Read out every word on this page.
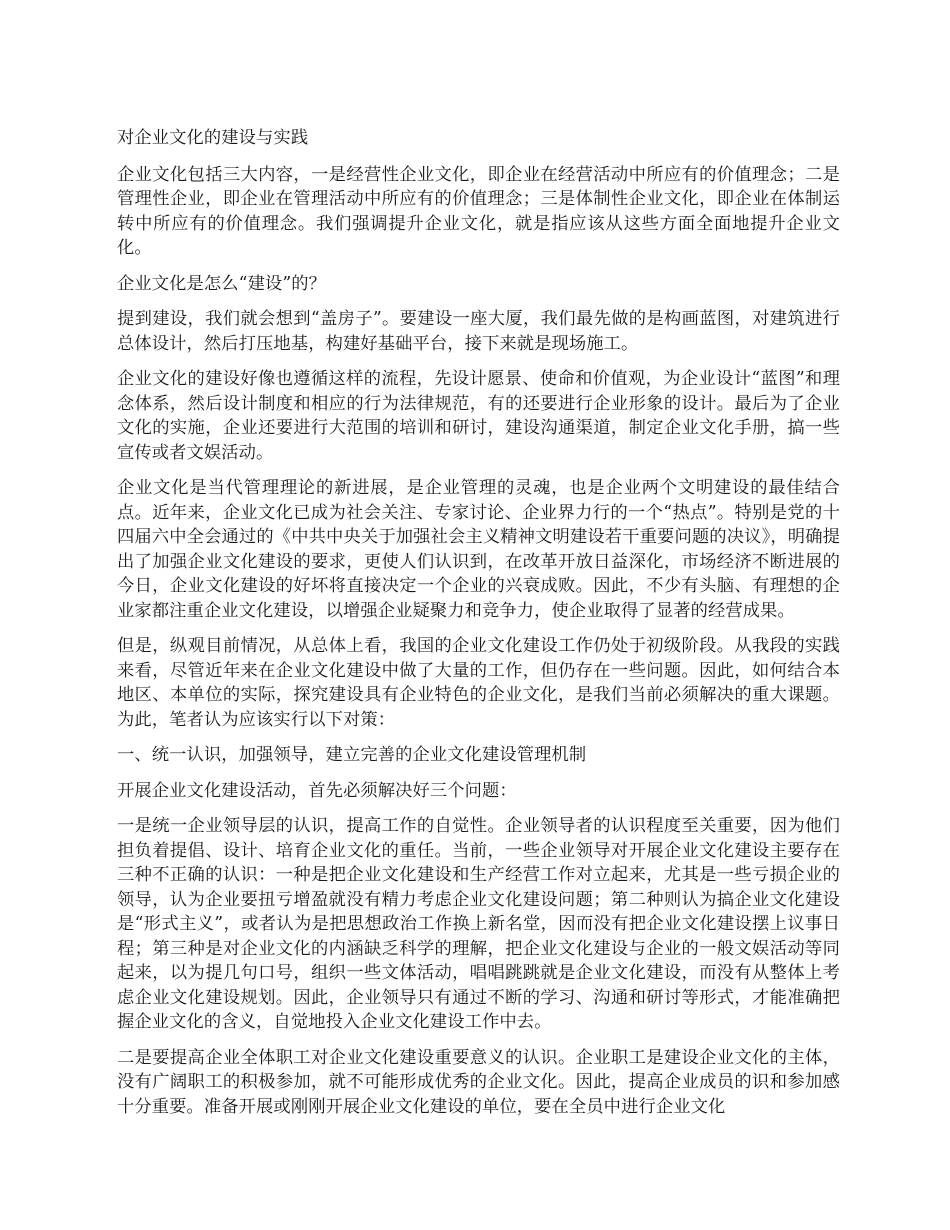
对企业文化的建设与实践
企业文化包括三大内容，一是经营性企业文化，即企业在经营活动中所应有的价值理念；二是管理性企业，即企业在管理活动中所应有的价值理念；三是体制性企业文化，即企业在体制运转中所应有的价值理念。我们强调提升企业文化，就是指应该从这些方面全面地提升企业文化。
企业文化是怎么“建设”的？
提到建设，我们就会想到“盖房子”。要建设一座大厦，我们最先做的是构画蓝图，对建筑进行总体设计，然后打压地基，构建好基础平台，接下来就是现场施工。
企业文化的建设好像也遵循这样的流程，先设计愿景、使命和价值观，为企业设计“蓝图”和理念体系，然后设计制度和相应的行为法律规范，有的还要进行企业形象的设计。最后为了企业文化的实施，企业还要进行大范围的培训和研讨，建设沟通渠道，制定企业文化手册，搞一些宣传或者文娱活动。
企业文化是当代管理理论的新进展，是企业管理的灵魂，也是企业两个文明建设的最佳结合点。近年来，企业文化已成为社会关注、专家讨论、企业界力行的一个“热点”。特别是党的十四届六中全会通过的《中共中央关于加强社会主义精神文明建设若干重要问题的决议》，明确提出了加强企业文化建设的要求，更使人们认识到，在改革开放日益深化，市场经济不断进展的今日，企业文化建设的好坏将直接决定一个企业的兴衰成败。因此，不少有头脑、有理想的企业家都注重企业文化建设，以增强企业疑聚力和竞争力，使企业取得了显著的经营成果。
但是，纵观目前情况，从总体上看，我国的企业文化建设工作仍处于初级阶段。从我段的实践来看，尽管近年来在企业文化建设中做了大量的工作，但仍存在一些问题。因此，如何结合本地区、本单位的实际，探究建设具有企业特色的企业文化，是我们当前必须解决的重大课题。为此，笔者认为应该实行以下对策：
一、统一认识，加强领导，建立完善的企业文化建设管理机制
开展企业文化建设活动，首先必须解决好三个问题：
一是统一企业领导层的认识，提高工作的自觉性。企业领导者的认识程度至关重要，因为他们担负着提倡、设计、培育企业文化的重任。当前，一些企业领导对开展企业文化建设主要存在三种不正确的认识：一种是把企业文化建设和生产经营工作对立起来，尤其是一些亏损企业的领导，认为企业要扭亏增盈就没有精力考虑企业文化建设问题；第二种则认为搞企业文化建设是“形式主义”，或者认为是把思想政治工作换上新名堂，因而没有把企业文化建设摆上议事日程；第三种是对企业文化的内涵缺乏科学的理解，把企业文化建设与企业的一般文娱活动等同起来，以为提几句口号，组织一些文体活动，唱唱跳跳就是企业文化建设，而没有从整体上考虑企业文化建设规划。因此，企业领导只有通过不断的学习、沟通和研讨等形式，才能准确把握企业文化的含义，自觉地投入企业文化建设工作中去。
二是要提高企业全体职工对企业文化建设重要意义的认识。企业职工是建设企业文化的主体，没有广阔职工的积极参加，就不可能形成优秀的企业文化。因此，提高企业成员的识和参加感十分重要。准备开展或刚刚开展企业文化建设的单位，要在全员中进行企业文化
